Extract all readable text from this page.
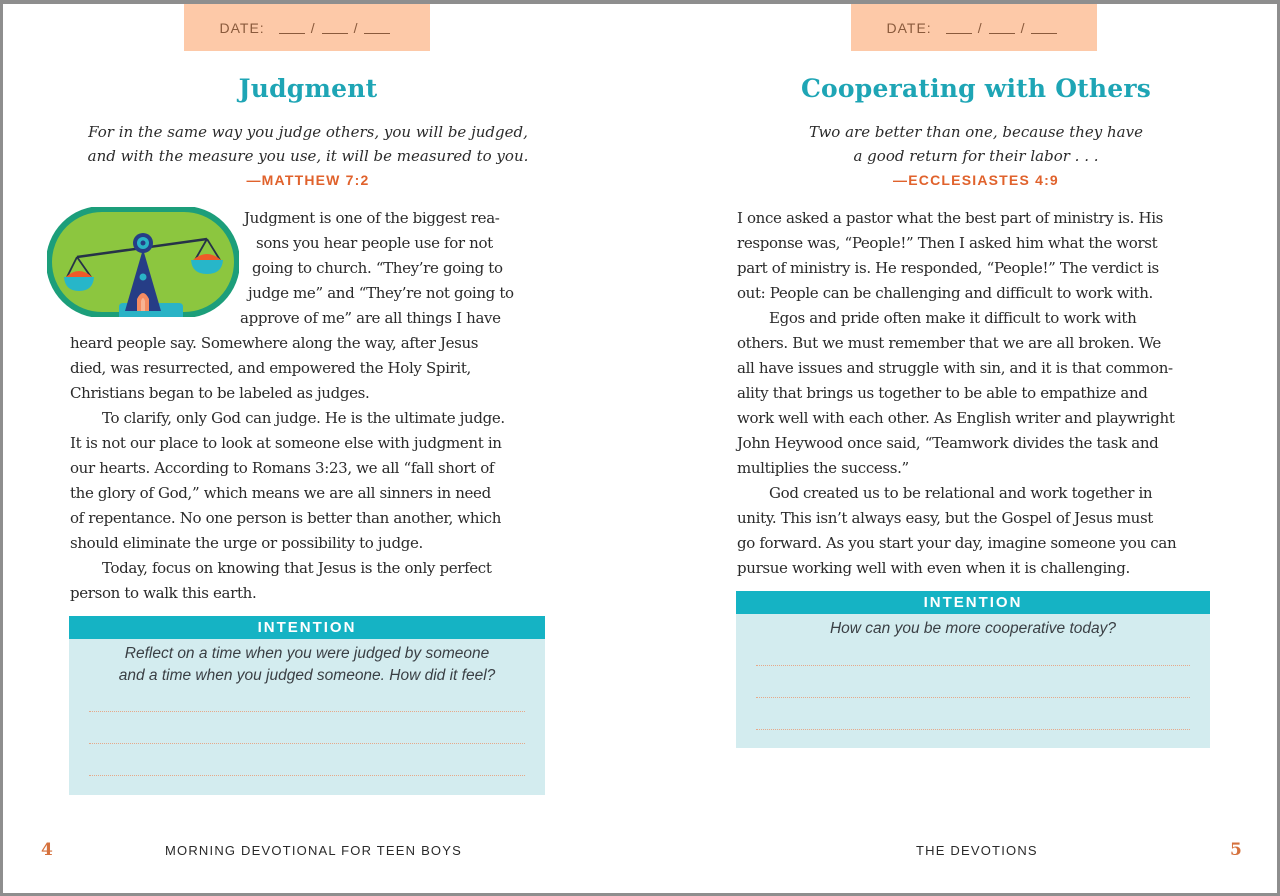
DATE:	/	/
Judgment
For in the same way you judge others, you will be judged,
and with the measure you use, it will be measured to you.
—MATTHEW 7:2
Judgment is one of the biggest rea-
sons you hear people use for not
going to church. “They’re going to
judge me” and “They’re not going to
approve of me” are all things I have
heard people say. Somewhere along the way, after Jesus
died, was resurrected, and empowered the Holy Spirit,
Christians began to be labeled as judges.
To clarify, only God can judge. He is the ultimate judge.
It is not our place to look at someone else with judgment in
our hearts. According to Romans 3:23, we all “fall short of
the glory of God,” which means we are all sinners in need
of repentance. No one person is better than another, which
should eliminate the urge or possibility to judge.
Today, focus on knowing that Jesus is the only perfect
person to walk this earth.
INTENTION
Reflect on a time when you were judged by someone
and a time when you judged someone. How did it feel?
4	MORNING DEVOTIONAL FOR TEEN BOYS
DATE:	/	/
Cooperating with Others
Two are better than one, because they have
a good return for their labor . . .
—ECCLESIASTES 4:9
I once asked a pastor what the best part of ministry is. His
response was, “People!” Then I asked him what the worst
part of ministry is. He responded, “People!” The verdict is
out: People can be challenging and difficult to work with.
Egos and pride often make it difficult to work with
others. But we must remember that we are all broken. We
all have issues and struggle with sin, and it is that common-
ality that brings us together to be able to empathize and
work well with each other. As English writer and playwright
John Heywood once said, “Teamwork divides the task and
multiplies the success.”
God created us to be relational and work together in
unity. This isn’t always easy, but the Gospel of Jesus must
go forward. As you start your day, imagine someone you can
pursue working well with even when it is challenging.
INTENTION
How can you be more cooperative today?
THE DEVOTIONS	5
